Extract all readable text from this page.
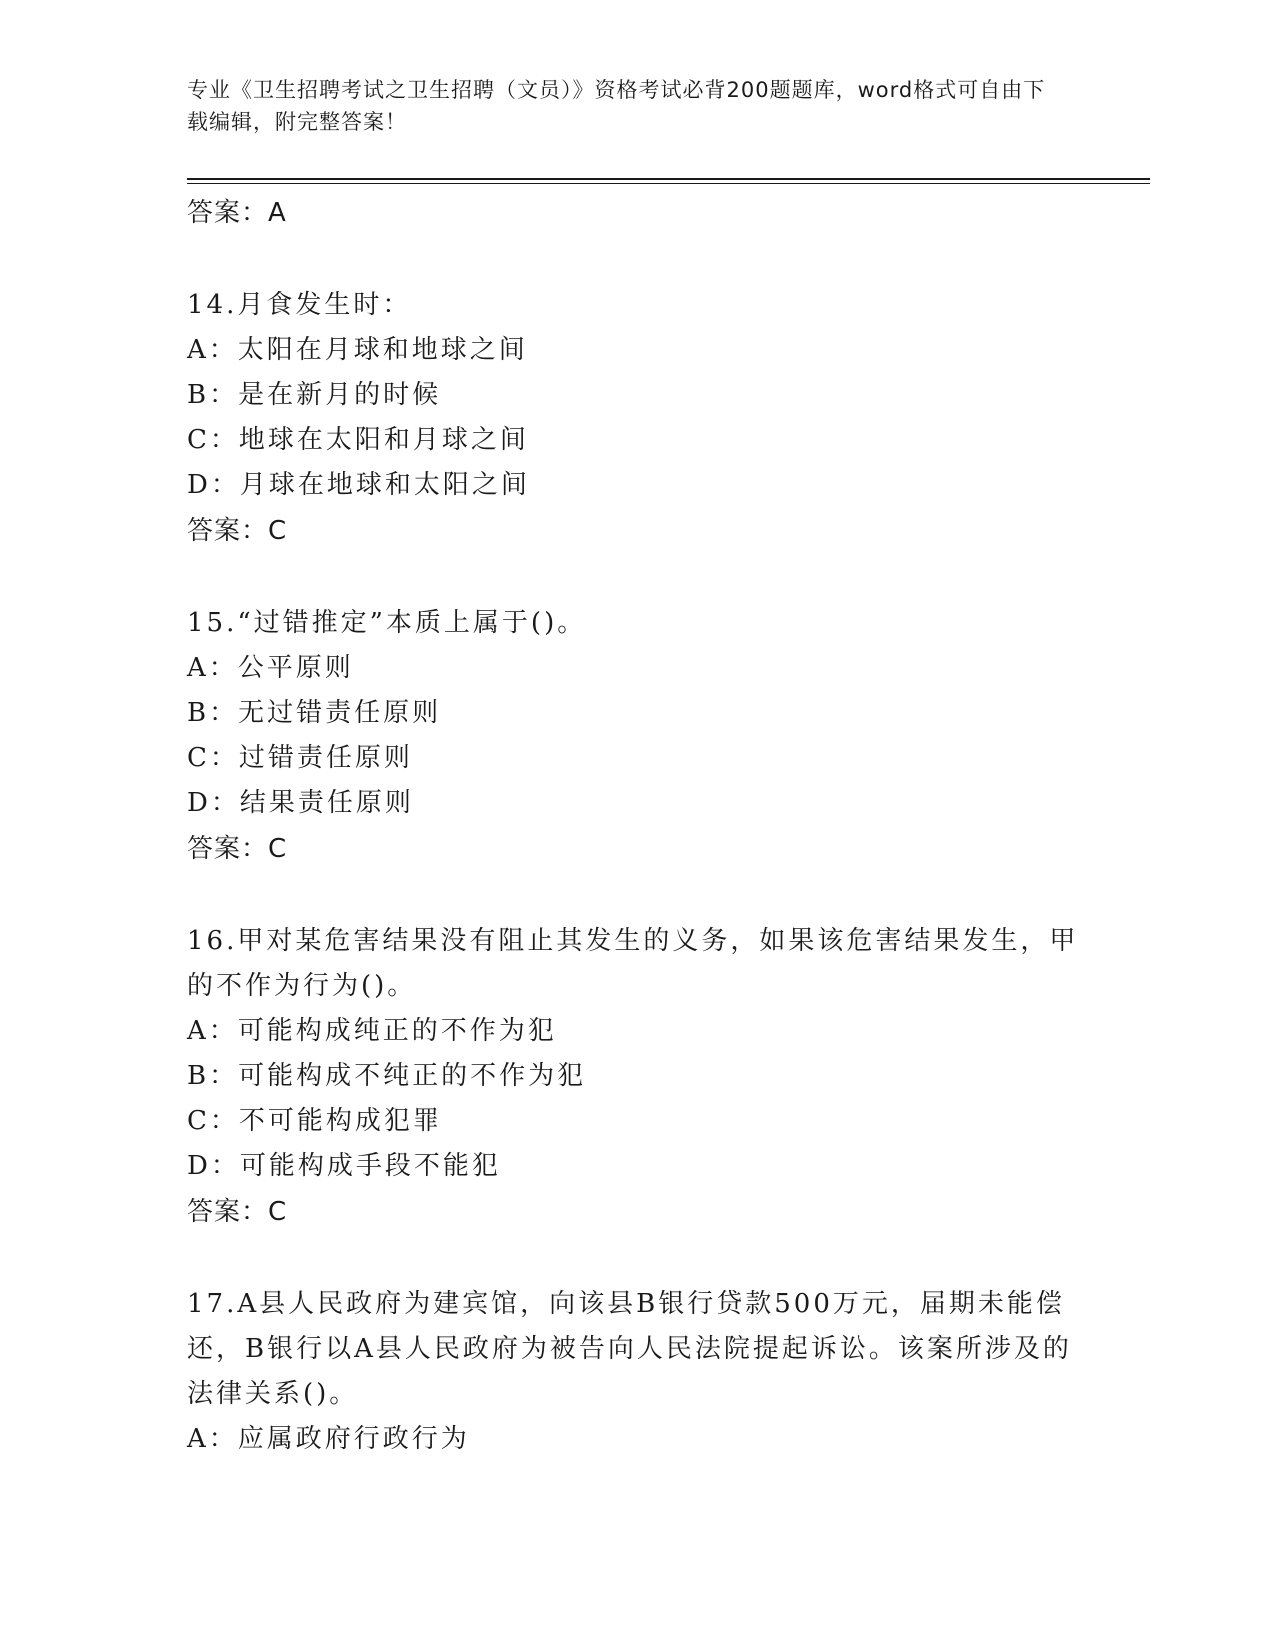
专业《卫生招聘考试之卫生招聘（文员）》资格考试必背200题题库，word格式可自由下载编辑，附完整答案！
答案：A
14.月食发生时：
A：太阳在月球和地球之间
B：是在新月的时候
C：地球在太阳和月球之间
D：月球在地球和太阳之间
答案：C
15.“过错推定”本质上属于()。
A：公平原则
B：无过错责任原则
C：过错责任原则
D：结果责任原则
答案：C
16.甲对某危害结果没有阻止其发生的义务，如果该危害结果发生，甲的不作为行为()。
A：可能构成纯正的不作为犯
B：可能构成不纯正的不作为犯
C：不可能构成犯罪
D：可能构成手段不能犯
答案：C
17.A县人民政府为建宾馆，向该县B银行贷款500万元，届期未能偿还，B银行以A县人民政府为被告向人民法院提起诉讼。该案所涉及的法律关系()。
A：应属政府行政行为
